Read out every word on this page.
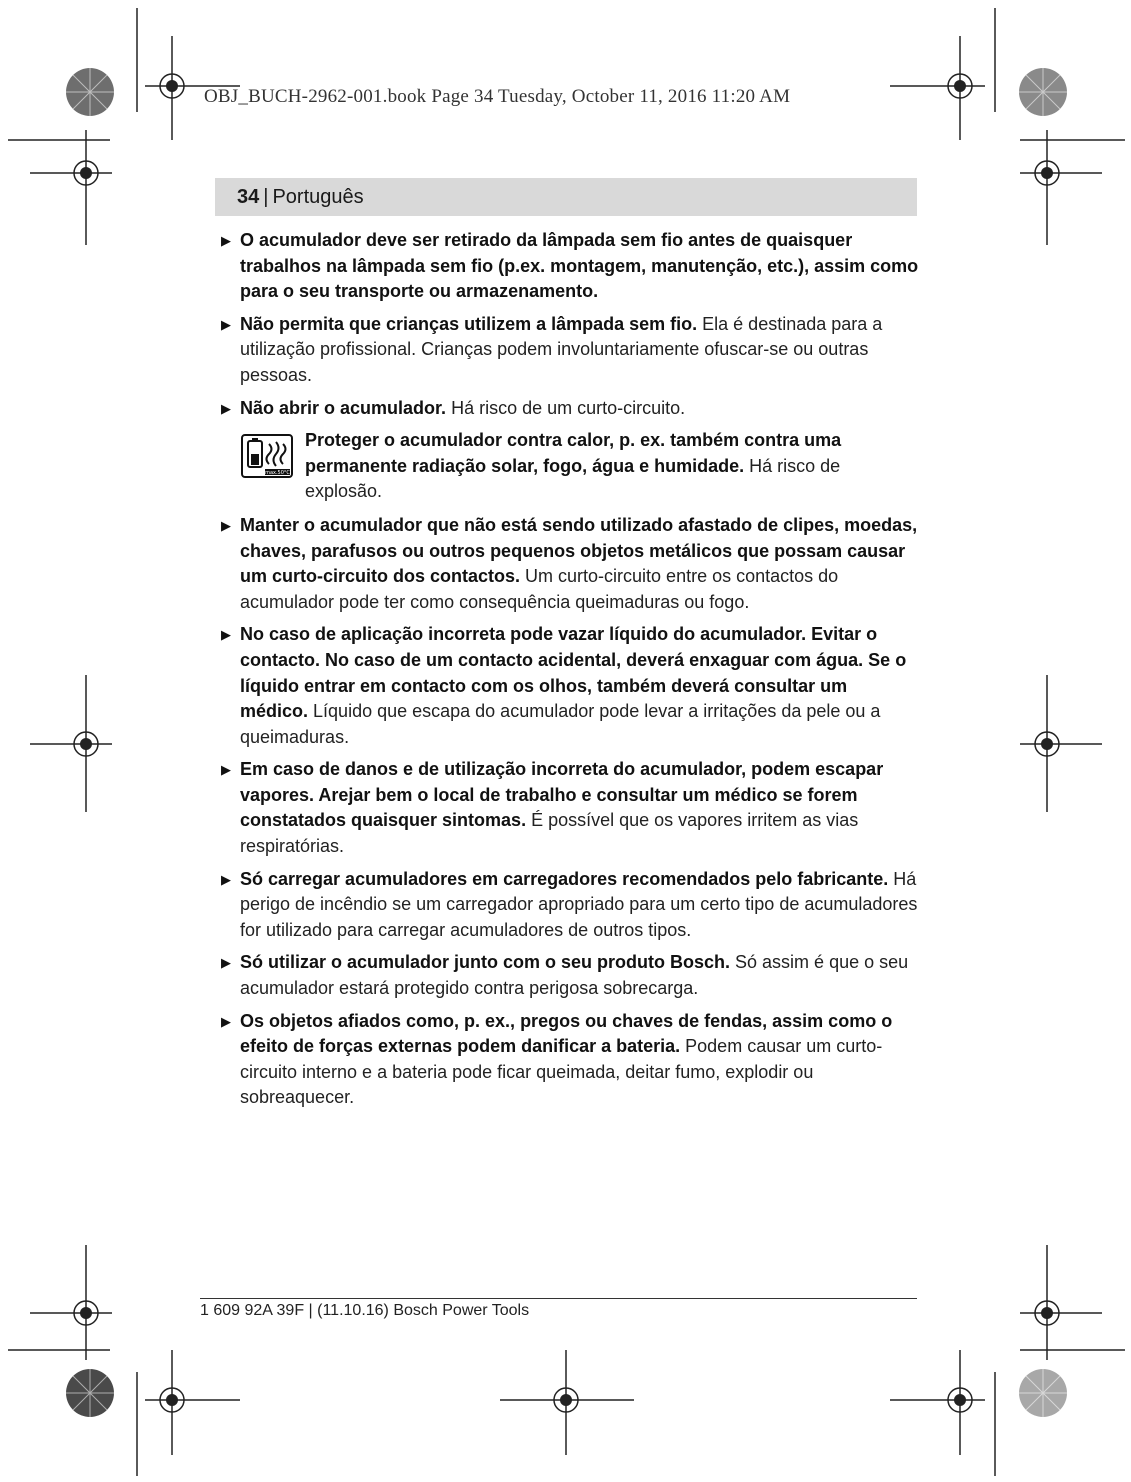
OBJ_BUCH-2962-001.book Page 34 Tuesday, October 11, 2016 11:20 AM
34 | Português
▶ O acumulador deve ser retirado da lâmpada sem fio antes de quaisquer trabalhos na lâmpada sem fio (p.ex. montagem, manutenção, etc.), assim como para o seu transporte ou armazenamento.
▶ Não permita que crianças utilizem a lâmpada sem fio. Ela é destinada para a utilização profissional. Crianças podem involuntariamente ofuscar-se ou outras pessoas.
▶ Não abrir o acumulador. Há risco de um curto-circuito.
max.50°C
Proteger o acumulador contra calor, p. ex. também contra uma permanente radiação solar, fogo, água e humidade. Há risco de explosão.
▶ Manter o acumulador que não está sendo utilizado afastado de clipes, moedas, chaves, parafusos ou outros pequenos objetos metálicos que possam causar um curto-circuito dos contactos. Um curto-circuito entre os contactos do acumulador pode ter como consequência queimaduras ou fogo.
▶ No caso de aplicação incorreta pode vazar líquido do acumulador. Evitar o contacto. No caso de um contacto acidental, deverá enxaguar com água. Se o líquido entrar em contacto com os olhos, também deverá consultar um médico. Líquido que escapa do acumulador pode levar a irritações da pele ou a queimaduras.
▶ Em caso de danos e de utilização incorreta do acumulador, podem escapar vapores. Arejar bem o local de trabalho e consultar um médico se forem constatados quaisquer sintomas. É possível que os vapores irritem as vias respiratórias.
▶ Só carregar acumuladores em carregadores recomendados pelo fabricante. Há perigo de incêndio se um carregador apropriado para um certo tipo de acumuladores for utilizado para carregar acumuladores de outros tipos.
▶ Só utilizar o acumulador junto com o seu produto Bosch. Só assim é que o seu acumulador estará protegido contra perigosa sobrecarga.
▶ Os objetos afiados como, p. ex., pregos ou chaves de fendas, assim como o efeito de forças externas podem danificar a bateria. Podem causar um curto-circuito interno e a bateria pode ficar queimada, deitar fumo, explodir ou sobreaquecer.
1 609 92A 39F | (11.10.16) Bosch Power Tools
